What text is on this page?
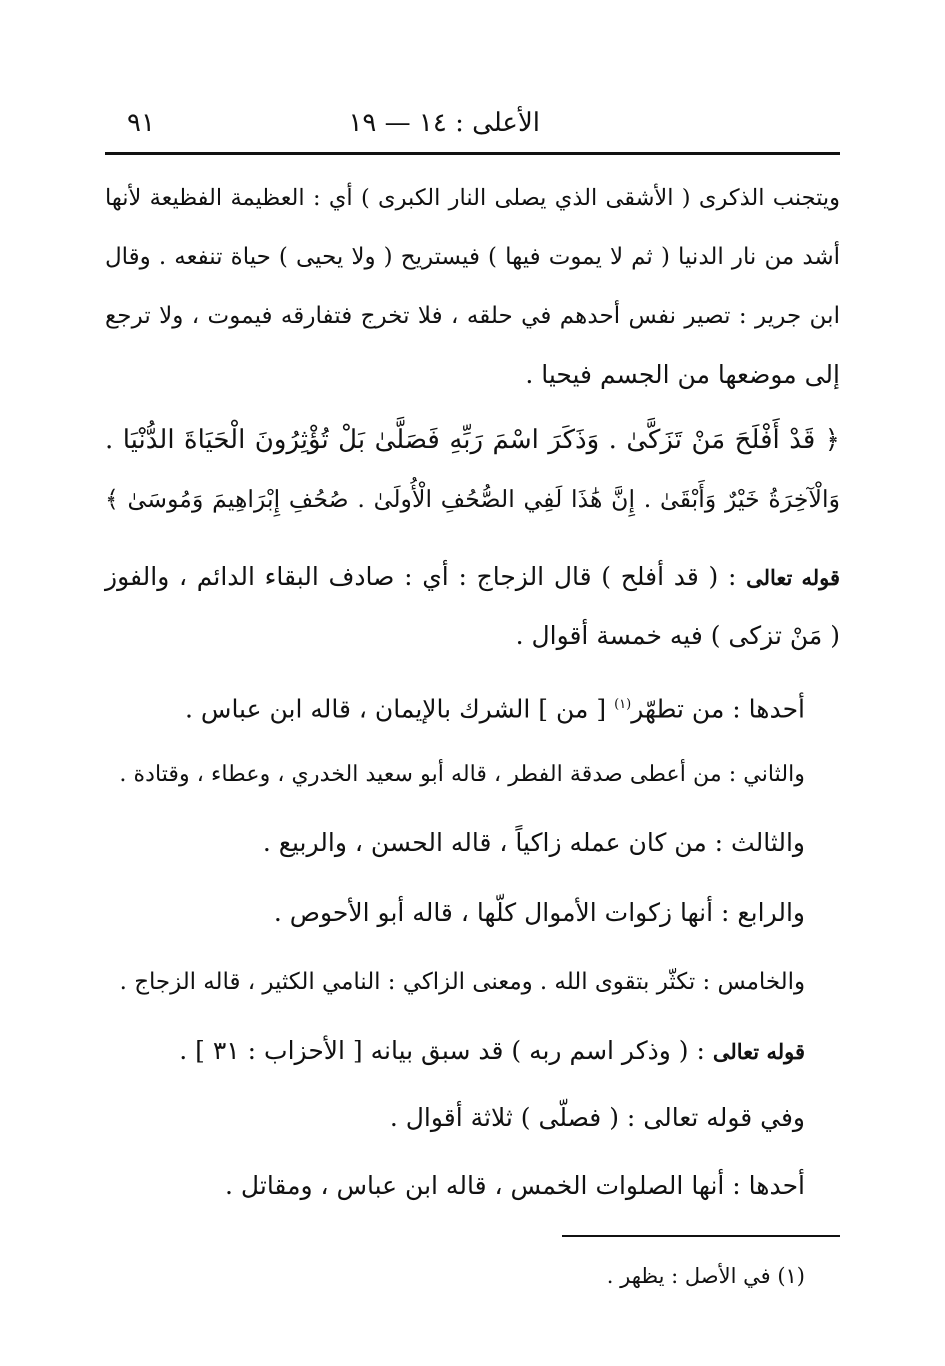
الأعلى : ١٤ — ١٩
٩١
ويتجنب الذكرى ( الأشقى الذي يصلى النار الكبرى ) أي : العظيمة الفظيعة لأنها
أشد من نار الدنيا ( ثم لا يموت فيها ) فيستريح ( ولا يحيى ) حياة تنفعه . وقال
ابن جرير : تصير نفس أحدهم في حلقه ، فلا تخرج فتفارقه فيموت ، ولا ترجع
إلى موضعها من الجسم فيحيا .
﴿ قَدْ أَفْلَحَ مَنْ تَزَكَّىٰ . وَذَكَرَ اسْمَ رَبِّهِ فَصَلَّىٰ بَلْ تُؤْثِرُونَ الْحَيَاةَ الدُّنْيَا .
وَالْآخِرَةُ خَيْرٌ وَأَبْقَىٰ . إِنَّ هَٰذَا لَفِي الصُّحُفِ الْأُولَىٰ . صُحُفِ إِبْرَاهِيمَ وَمُوسَىٰ ﴾
قوله تعالى : ( قد أفلح ) قال الزجاج : أي : صادف البقاء الدائم ، والفوز
( مَنْ تزكى ) فيه خمسة أقوال .
أحدها : من تطهّر$^{(١)}$ [ من ] الشرك بالإيمان ، قاله ابن عباس .
والثاني : من أعطى صدقة الفطر ، قاله أبو سعيد الخدري ، وعطاء ، وقتادة .
والثالث : من كان عمله زاكياً ، قاله الحسن ، والربيع .
والرابع : أنها زكوات الأموال كلّها ، قاله أبو الأحوص .
والخامس : تكثّر بتقوى الله . ومعنى الزاكي : النامي الكثير ، قاله الزجاج .
قوله تعالى : ( وذكر اسم ربه ) قد سبق بيانه [ الأحزاب : ٣١ ] .
وفي قوله تعالى : ( فصلّى ) ثلاثة أقوال .
أحدها : أنها الصلوات الخمس ، قاله ابن عباس ، ومقاتل .
(١) في الأصل : يظهر .
